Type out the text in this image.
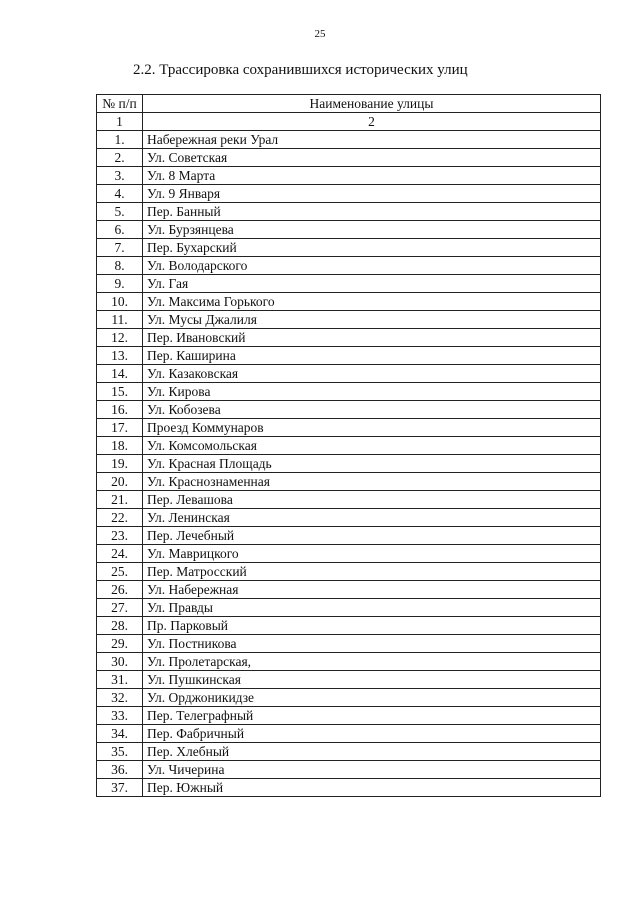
25
2.2. Трассировка сохранившихся исторических улиц
№ п/п	Наименование улицы
1	2
1.	Набережная реки Урал
2.	Ул. Советская
3.	Ул. 8 Марта
4.	Ул. 9 Января
5.	Пер. Банный
6.	Ул. Бурзянцева
7.	Пер. Бухарский
8.	Ул. Володарского
9.	Ул. Гая
10.	Ул. Максима Горького
11.	Ул. Мусы Джалиля
12.	Пер. Ивановский
13.	Пер. Каширина
14.	Ул. Казаковская
15.	Ул. Кирова
16.	Ул. Кобозева
17.	Проезд Коммунаров
18.	Ул. Комсомольская
19.	Ул. Красная Площадь
20.	Ул. Краснознаменная
21.	Пер. Левашова
22.	Ул. Ленинская
23.	Пер. Лечебный
24.	Ул. Маврицкого
25.	Пер. Матросский
26.	Ул. Набережная
27.	Ул. Правды
28.	Пр. Парковый
29.	Ул. Постникова
30.	Ул. Пролетарская,
31.	Ул. Пушкинская
32.	Ул. Орджоникидзе
33.	Пер. Телеграфный
34.	Пер. Фабричный
35.	Пер. Хлебный
36.	Ул. Чичерина
37.	Пер. Южный
